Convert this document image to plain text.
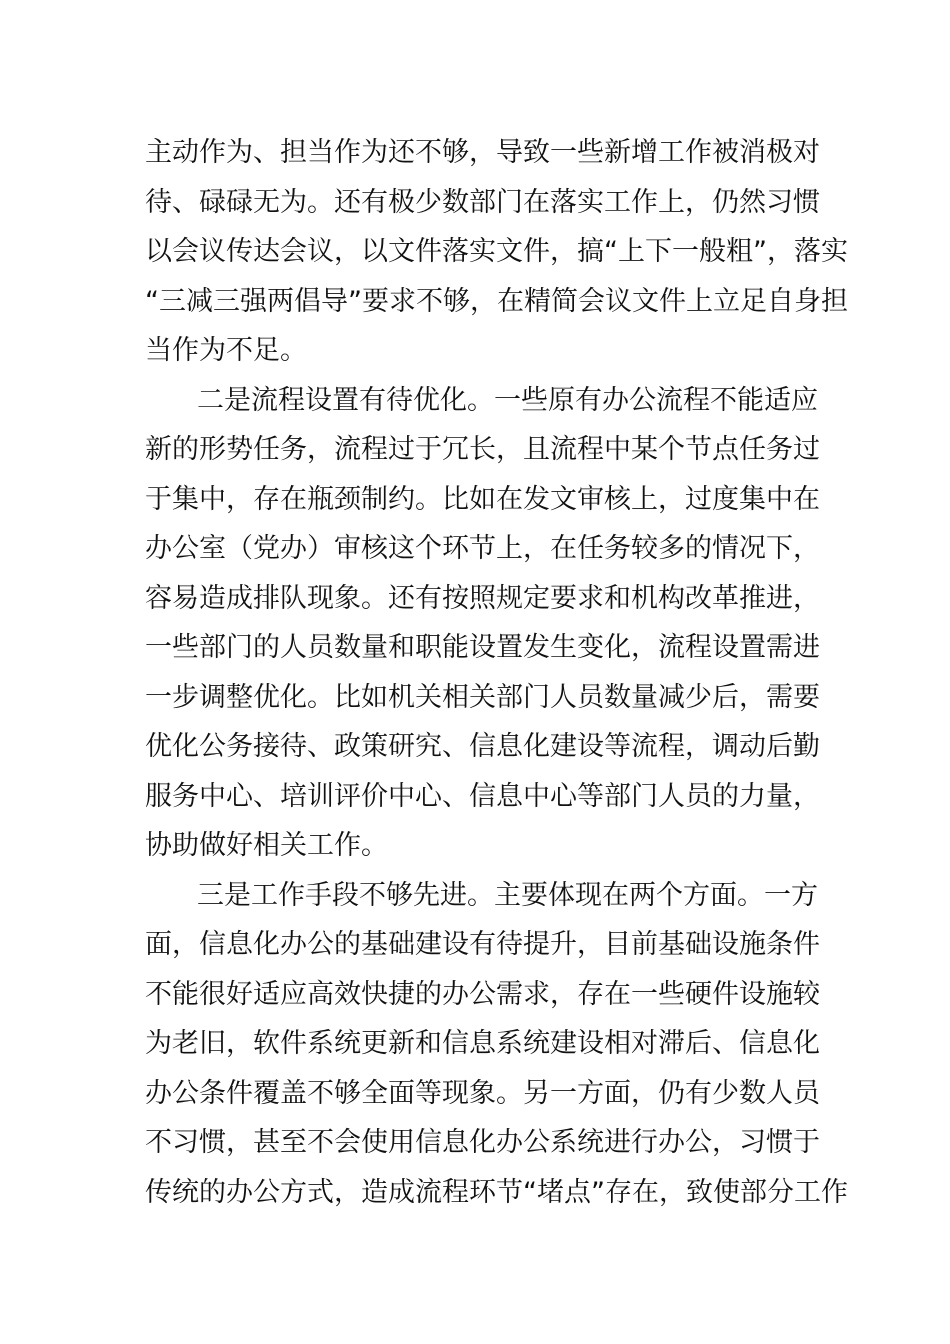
主动作为、担当作为还不够，导致一些新增工作被消极对
待、碌碌无为。还有极少数部门在落实工作上，仍然习惯
以会议传达会议，以文件落实文件，搞“上下一般粗”，落实
“三减三强两倡导”要求不够，在精简会议文件上立足自身担
当作为不足。
二是流程设置有待优化。一些原有办公流程不能适应
新的形势任务，流程过于冗长，且流程中某个节点任务过
于集中，存在瓶颈制约。比如在发文审核上，过度集中在
办公室（党办）审核这个环节上，在任务较多的情况下，
容易造成排队现象。还有按照规定要求和机构改革推进，
一些部门的人员数量和职能设置发生变化，流程设置需进
一步调整优化。比如机关相关部门人员数量减少后，需要
优化公务接待、政策研究、信息化建设等流程，调动后勤
服务中心、培训评价中心、信息中心等部门人员的力量，
协助做好相关工作。
三是工作手段不够先进。主要体现在两个方面。一方
面，信息化办公的基础建设有待提升，目前基础设施条件
不能很好适应高效快捷的办公需求，存在一些硬件设施较
为老旧，软件系统更新和信息系统建设相对滞后、信息化
办公条件覆盖不够全面等现象。另一方面，仍有少数人员
不习惯，甚至不会使用信息化办公系统进行办公，习惯于
传统的办公方式，造成流程环节“堵点”存在，致使部分工作
